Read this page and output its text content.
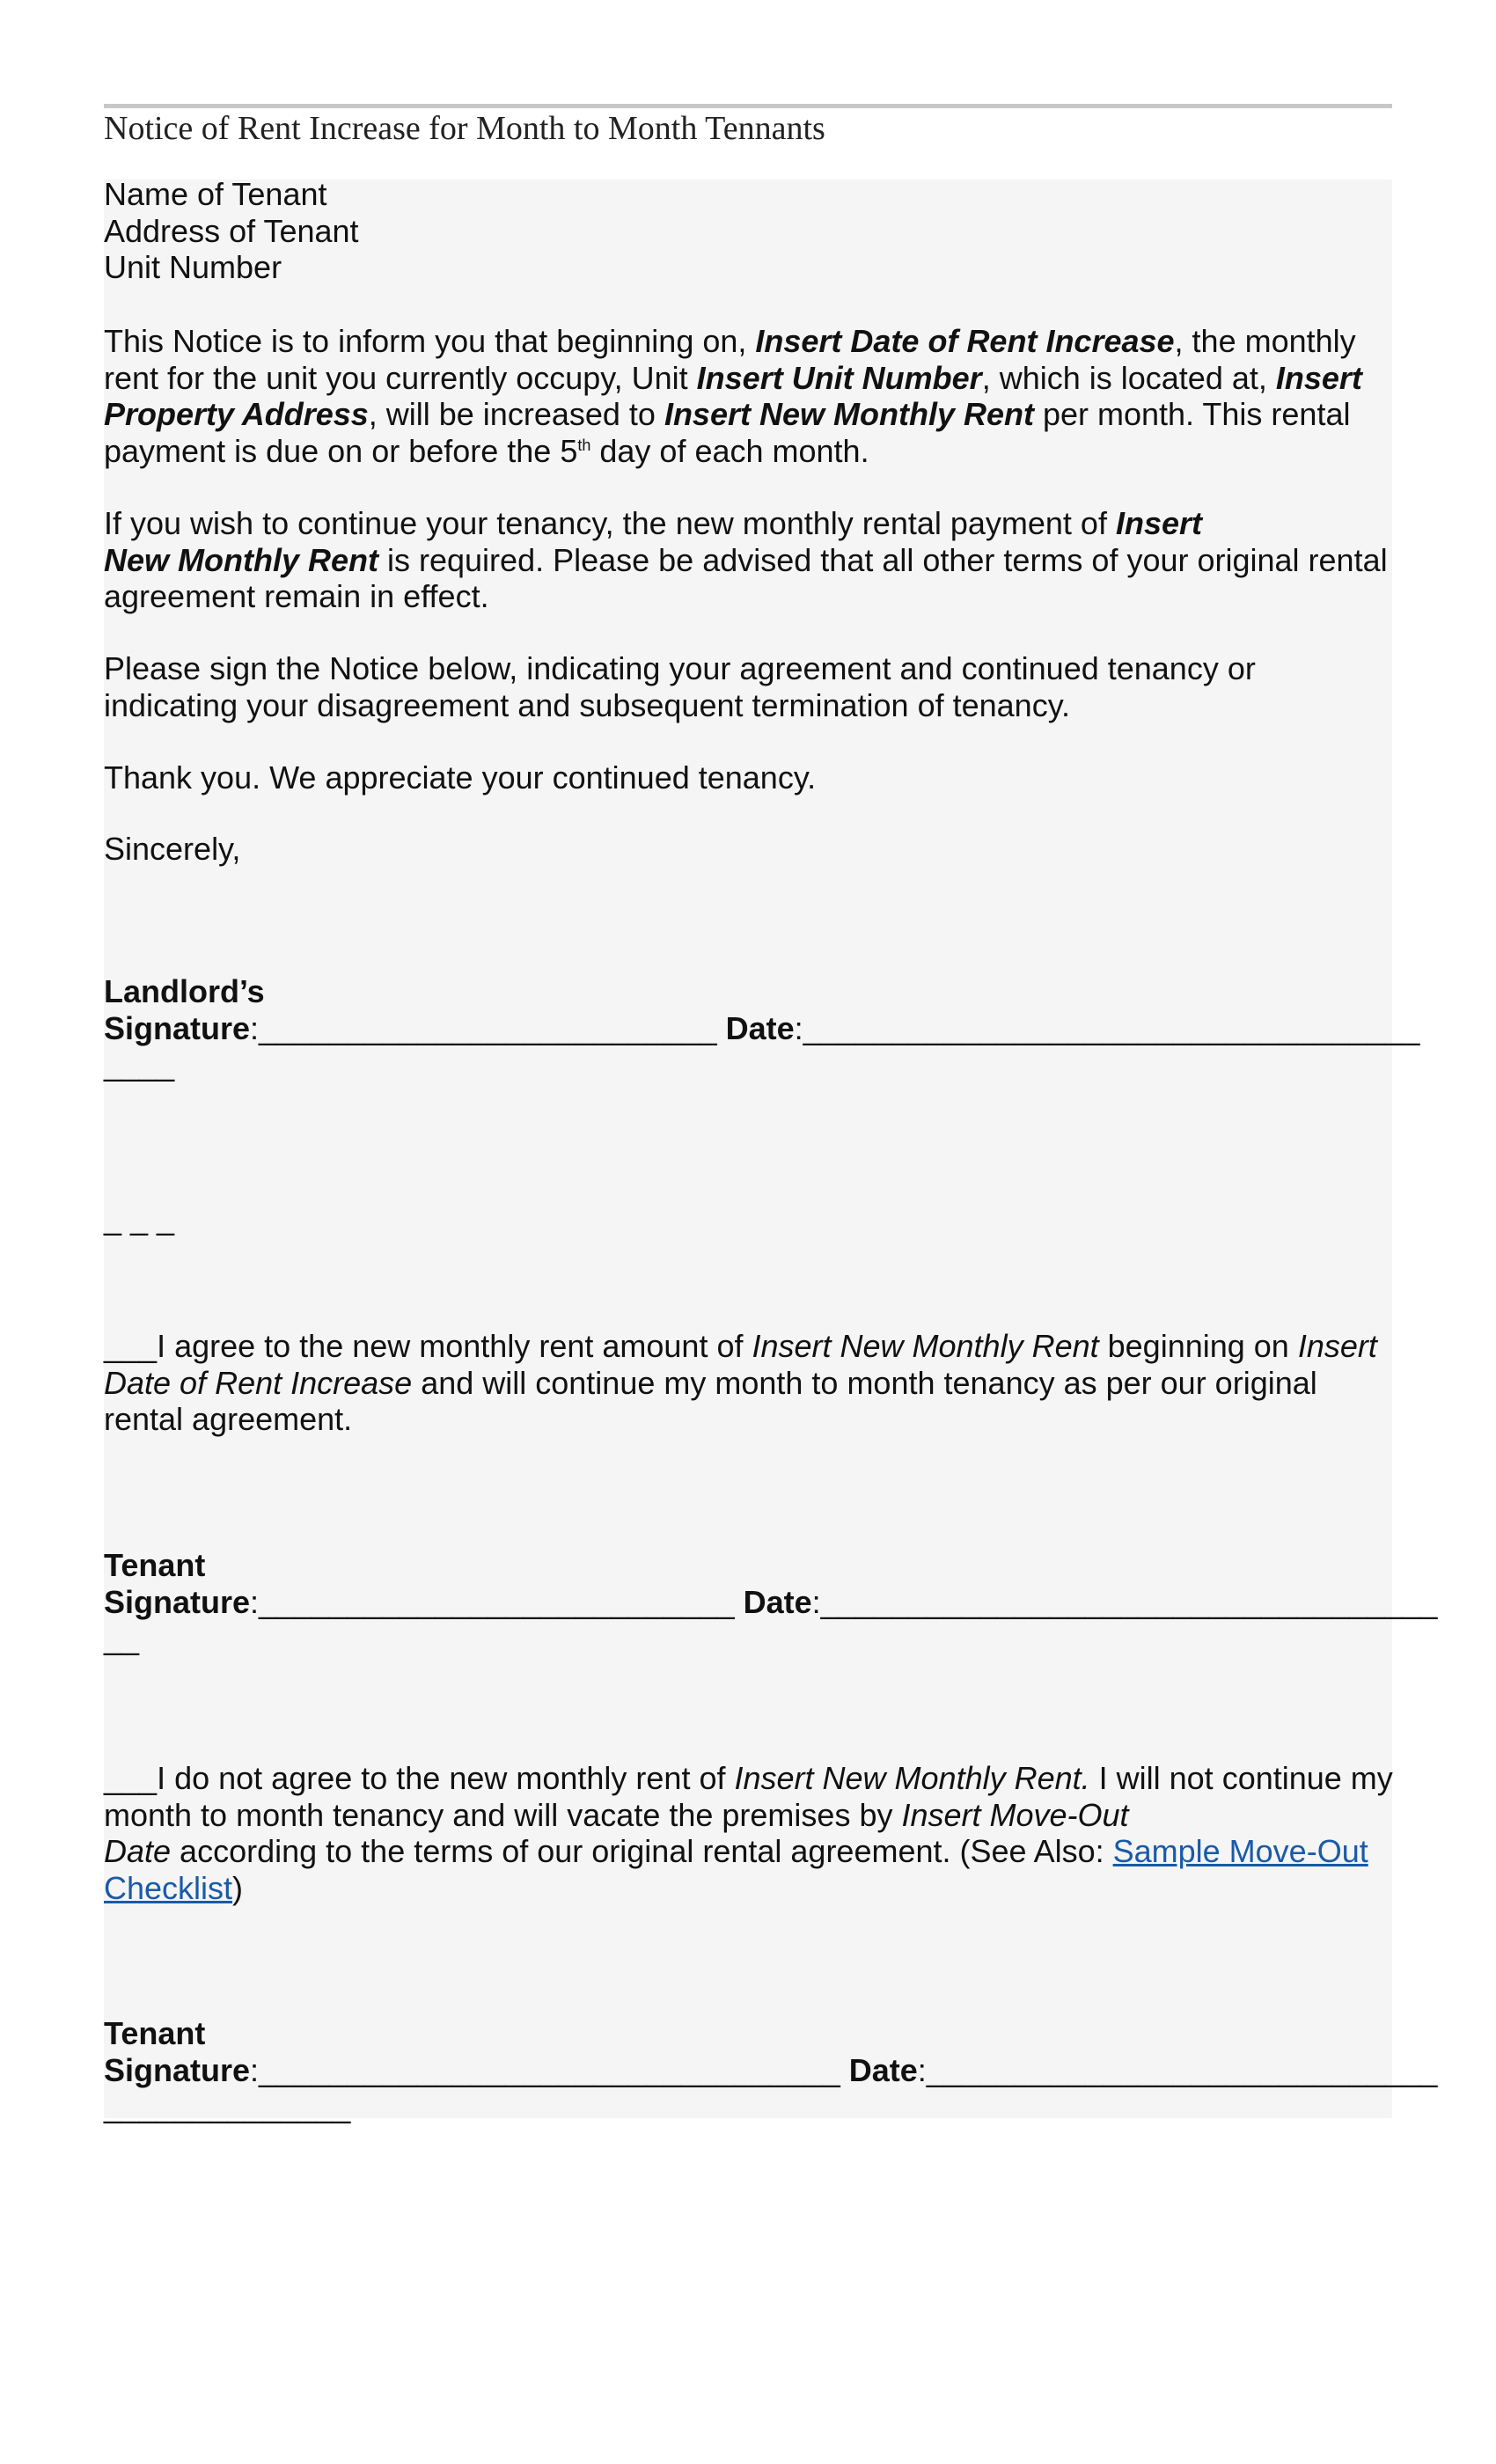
Notice of Rent Increase for Month to Month Tennants
Name of Tenant
Address of Tenant
Unit Number

This Notice is to inform you that beginning on, Insert Date of Rent Increase, the monthly rent for the unit you currently occupy, Unit Insert Unit Number, which is located at, Insert Property Address, will be increased to Insert New Monthly Rent per month. This rental payment is due on or before the 5th day of each month.

If you wish to continue your tenancy, the new monthly rental payment of Insert
New Monthly Rent is required. Please be advised that all other terms of your original rental agreement remain in effect.

Please sign the Notice below, indicating your agreement and continued tenancy or indicating your disagreement and subsequent termination of tenancy.

Thank you. We appreciate your continued tenancy.

Sincerely,

Landlord’s
Signature:__________________________ Date:___________________________________
____
_ _ _

___I agree to the new monthly rent amount of Insert New Monthly Rent beginning on Insert Date of Rent Increase and will continue my month to month tenancy as per our original rental agreement.

Tenant
Signature:___________________________ Date:___________________________________
__

___I do not agree to the new monthly rent of Insert New Monthly Rent. I will not continue my month to month tenancy and will vacate the premises by Insert Move-Out
Date according to the terms of our original rental agreement. (See Also: Sample Move-Out Checklist)

Tenant
Signature:_________________________________ Date:_____________________________
______________
